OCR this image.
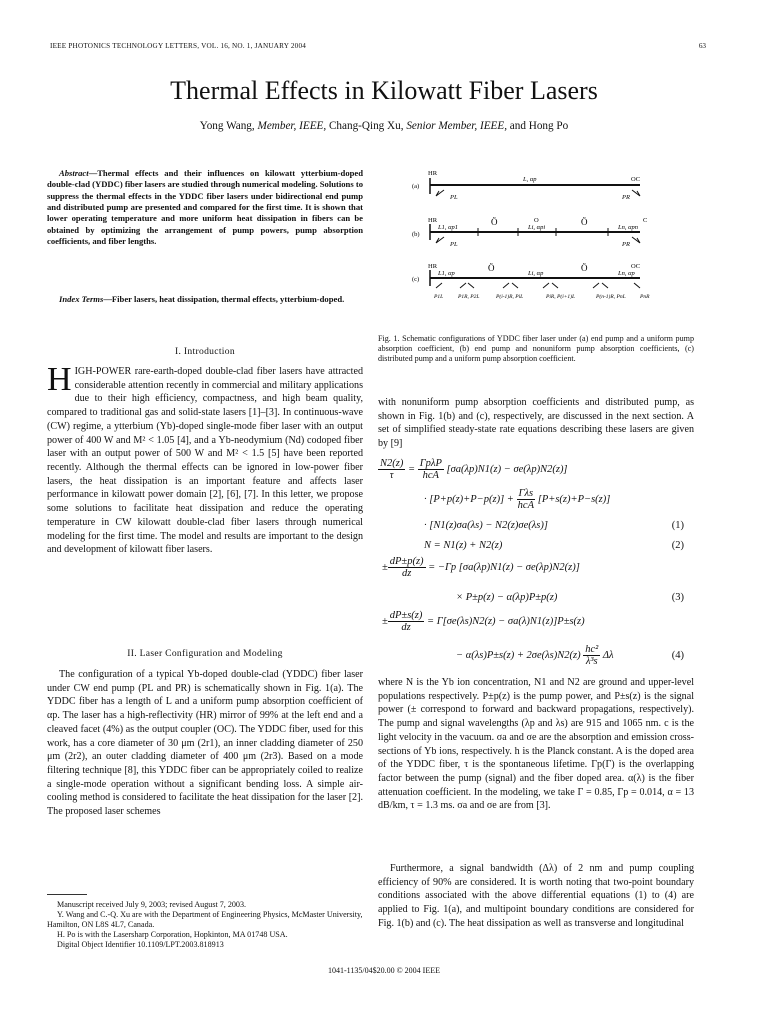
IEEE PHOTONICS TECHNOLOGY LETTERS, VOL. 16, NO. 1, JANUARY 2004	63
Thermal Effects in Kilowatt Fiber Lasers
Yong Wang, Member, IEEE, Chang-Qing Xu, Senior Member, IEEE, and Hong Po
Abstract—Thermal effects and their influences on kilowatt ytterbium-doped double-clad (YDDC) fiber lasers are studied through numerical modeling. Solutions to suppress the thermal effects in the YDDC fiber lasers under bidirectional end pump and distributed pump are presented and compared for the first time. It is shown that lower operating temperature and more uniform heat dissipation in fibers can be obtained by optimizing the arrangement of pump powers, pump absorption coefficients, and fiber lengths.
Index Terms—Fiber lasers, heat dissipation, thermal effects, ytterbium-doped.
I. Introduction
HIGH-POWER rare-earth-doped double-clad fiber lasers have attracted considerable attention recently in commercial and military applications due to their high efficiency, compactness, and high beam quality, compared to traditional gas and solid-state lasers [1]–[3]. In continuous-wave (CW) regime, a ytterbium (Yb)-doped single-mode fiber laser with an output power of 400 W and M² < 1.05 [4], and a Yb-neodymium (Nd) codoped fiber laser with an output power of 500 W and M² < 1.5 [5] have been reported recently. Although the thermal effects can be ignored in low-power fiber lasers, the heat dissipation is an important feature and affects laser performance in kilowatt power domain [2], [6], [7]. In this letter, we propose some solutions to facilitate heat dissipation and reduce the operating temperature in CW kilowatt double-clad fiber lasers through numerical modeling for the first time. The model and results are important to the design and development of kilowatt fiber lasers.
II. Laser Configuration and Modeling

The configuration of a typical Yb-doped double-clad (YDDC) fiber laser under CW end pump (PL and PR) is schematically shown in Fig. 1(a). The YDDC fiber has a length of L and a uniform pump absorption coefficient of αp. The laser has a high-reflectivity (HR) mirror of 99% at the left end and a cleaved facet (4%) as the output coupler (OC). The YDDC fiber, used for this work, has a core diameter of 30 μm (2r1), an inner cladding diameter of 250 μm (2r2), an outer cladding diameter of 400 μm (2r3). Based on a mode filtering technique [8], this YDDC fiber can be appropriately coiled to realize a single-mode operation without a significant bending loss. A simple air-cooling method is considered to facilitate the heat dissipation for the laser [2]. The proposed laser schemes

Manuscript received July 9, 2003; revised August 7, 2003.
Y. Wang and C.-Q. Xu are with the Department of Engineering Physics, McMaster University, Hamilton, ON L8S 4L7, Canada.
H. Po is with the Lasersharp Corporation, Hopkinton, MA 01748 USA.
Digital Object Identifier 10.1109/LPT.2003.818913
(a)
HR
OC
L, αp
PL	PR
(b)
HR	O	C
L1, αp1
Ö
Li, αpi
Ö
Ln, αpn
PL	PR
(c)
HR	OC
L1, αp
Ö
Li, αp
Ö
Ln, αp
P1L	P1R, P2L	P(i-1)R, PiL	PiR, P(i+1)L	P(n-1)R, PnL	PnR
Fig. 1. Schematic configurations of YDDC fiber laser under (a) end pump and a uniform pump absorption coefficient, (b) end pump and nonuniform pump absorption coefficients, (c) distributed pump and a uniform pump absorption coefficient.
with nonuniform pump absorption coefficients and distributed pump, as shown in Fig. 1(b) and (c), respectively, are discussed in the next section. A set of simplified steady-state rate equations describing these lasers are given by [9]
$\frac{N2(z)}{\tau} = \frac{\text{ΓpλP}}{\text{hcA}} [\sigma a(\lambda p)N1(z) - \sigma e(\lambda p)N2(z)]$
· $[P+p(z)+P-p(z)] + \frac{\text{Γλs}}{\text{hcA}} [P+s(z)+P-s(z)]$
· [N1(z)σa(λs) − N2(z)σe(λs)]	(1)
N = N1(z) + N2(z)	(2)
± $\frac{dP\pm p(z)}{dz} = -\Gamma p$ [σa(λp)N1(z) − σe(λp)N2(z)]
× P±p(z) − α(λp)P±p(z)	(3)
± $\frac{dP\pm s(z)}{dz} = \Gamma[\sigma e(\lambda s)N2(z) - \sigma a(\lambda)N1(z)]P\pm s(z)$
− $\alpha(\lambda s)P\pm s(z) + 2\sigma e(\lambda s)N2(z) \frac{\text{hc²}}{\text{λ³s}}$ Δλ	(4)
where N is the Yb ion concentration, N1 and N2 are ground and upper-level populations respectively. P±p(z) is the pump power, and P±s(z) is the signal power (± correspond to forward and backward propagations, respectively). The pump and signal wavelengths (λp and λs) are 915 and 1065 nm. c is the light velocity in the vacuum. σa and σe are the absorption and emission cross-sections of Yb ions, respectively. h is the Planck constant. A is the doped area of the YDDC fiber, τ is the spontaneous lifetime. Γp(Γ) is the overlapping factor between the pump (signal) and the fiber doped area. α(λ) is the fiber attenuation coefficient. In the modeling, we take Γ = 0.85, Γp = 0.014, α = 13 dB/km, τ = 1.3 ms. σa and σe are from [3].
Furthermore, a signal bandwidth (Δλ) of 2 nm and pump coupling efficiency of 90% are considered. It is worth noting that two-point boundary conditions associated with the above differential equations (1) to (4) are applied to Fig. 1(a), and multipoint boundary conditions are considered for Fig. 1(b) and (c). The heat dissipation as well as transverse and longitudinal
1041-1135/04$20.00 © 2004 IEEE
